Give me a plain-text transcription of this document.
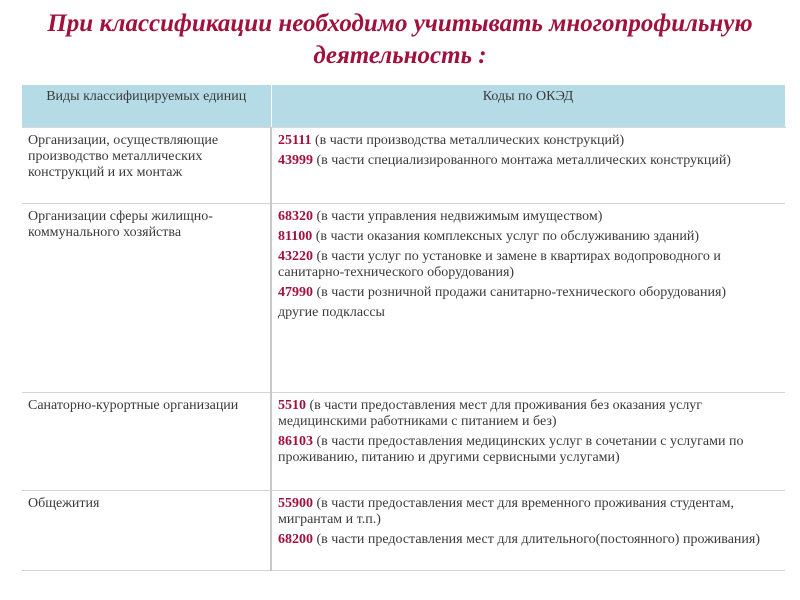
При классификации необходимо учитывать многопрофильную
деятельность :
Виды классифицируемых единиц	Коды по ОКЭД
Организации, осуществляющие производство металлических конструкций и их монтаж	25111 (в части производства металлических конструкций)
43999 (в части специализированного монтажа металлических конструкций)

Организации сферы жилищно-коммунального хозяйства	68320 (в части управления недвижимым имуществом)
81100 (в части оказания комплексных услуг по обслуживанию зданий)
43220 (в части услуг по установке и замене в квартирах водопроводного и санитарно-технического оборудования)
47990 (в части розничной продажи санитарно-технического оборудования)
другие подклассы

Санаторно-курортные организации	5510 (в части предоставления мест для проживания без оказания услуг медицинскими работниками с питанием и без)
86103 (в части предоставления медицинских услуг в сочетании с услугами по проживанию, питанию и другими сервисными услугами)

Общежития	55900 (в части предоставления мест для временного проживания студентам, мигрантам и т.п.)
68200 (в части предоставления мест для длительного(постоянного) проживания)
